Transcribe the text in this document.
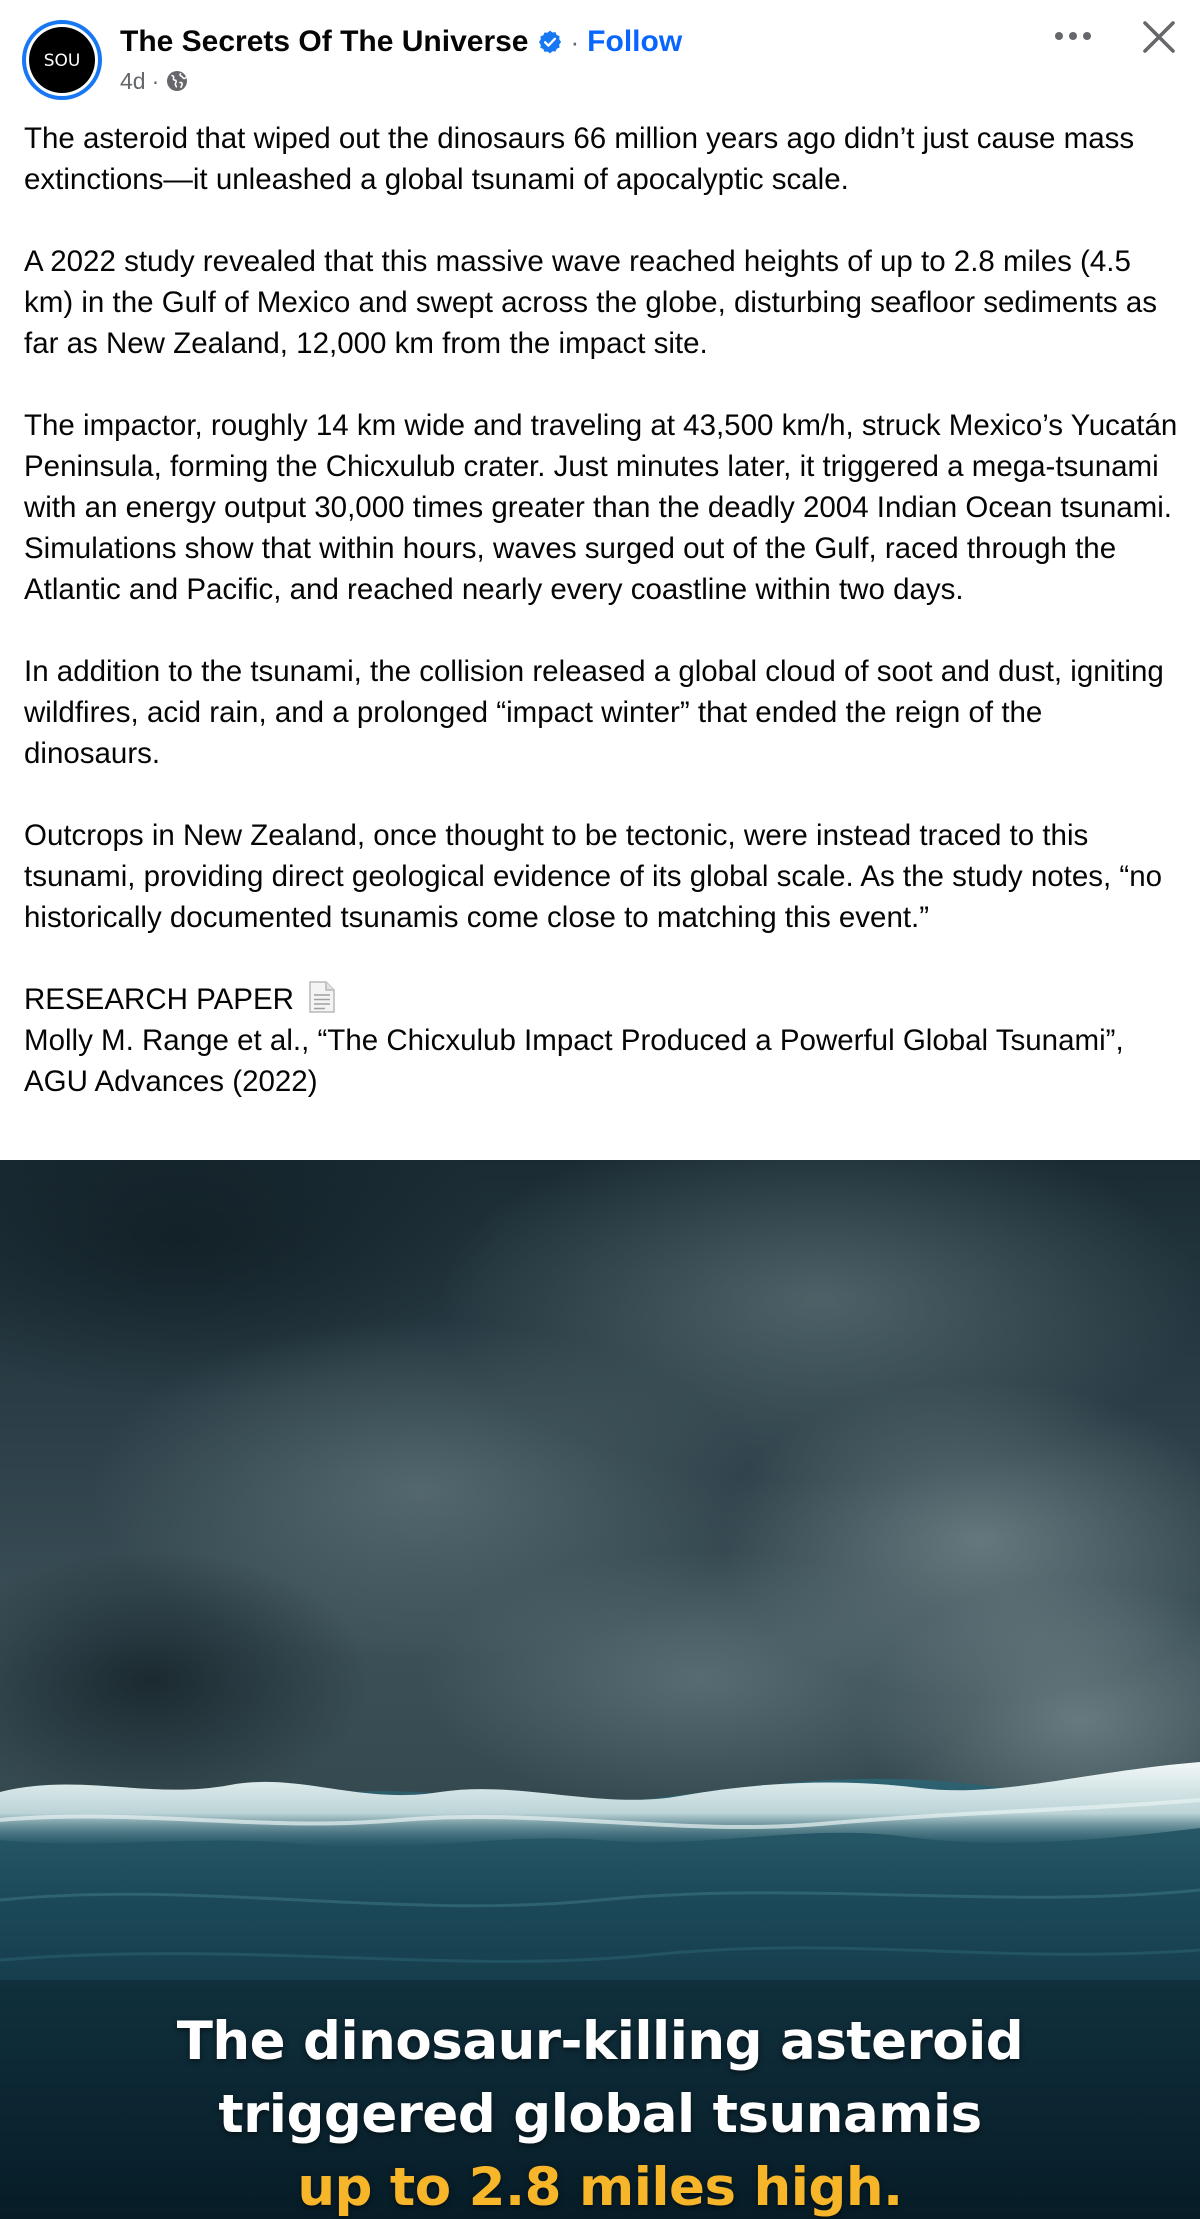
SOU
The Secrets Of The Universe · Follow
4d ·

The asteroid that wiped out the dinosaurs 66 million years ago didn’t just cause mass extinctions—it unleashed a global tsunami of apocalyptic scale.

A 2022 study revealed that this massive wave reached heights of up to 2.8 miles (4.5 km) in the Gulf of Mexico and swept across the globe, disturbing seafloor sediments as far as New Zealand, 12,000 km from the impact site.

The impactor, roughly 14 km wide and traveling at 43,500 km/h, struck Mexico’s Yucatán Peninsula, forming the Chicxulub crater. Just minutes later, it triggered a mega-tsunami with an energy output 30,000 times greater than the deadly 2004 Indian Ocean tsunami. Simulations show that within hours, waves surged out of the Gulf, raced through the Atlantic and Pacific, and reached nearly every coastline within two days.

In addition to the tsunami, the collision released a global cloud of soot and dust, igniting wildfires, acid rain, and a prolonged “impact winter” that ended the reign of the dinosaurs.

Outcrops in New Zealand, once thought to be tectonic, were instead traced to this tsunami, providing direct geological evidence of its global scale. As the study notes, “no historically documented tsunamis come close to matching this event.”

RESEARCH PAPER
Molly M. Range et al., “The Chicxulub Impact Produced a Powerful Global Tsunami”, AGU Advances (2022)

The dinosaur-killing asteroid
triggered global tsunamis
up to 2.8 miles high.
